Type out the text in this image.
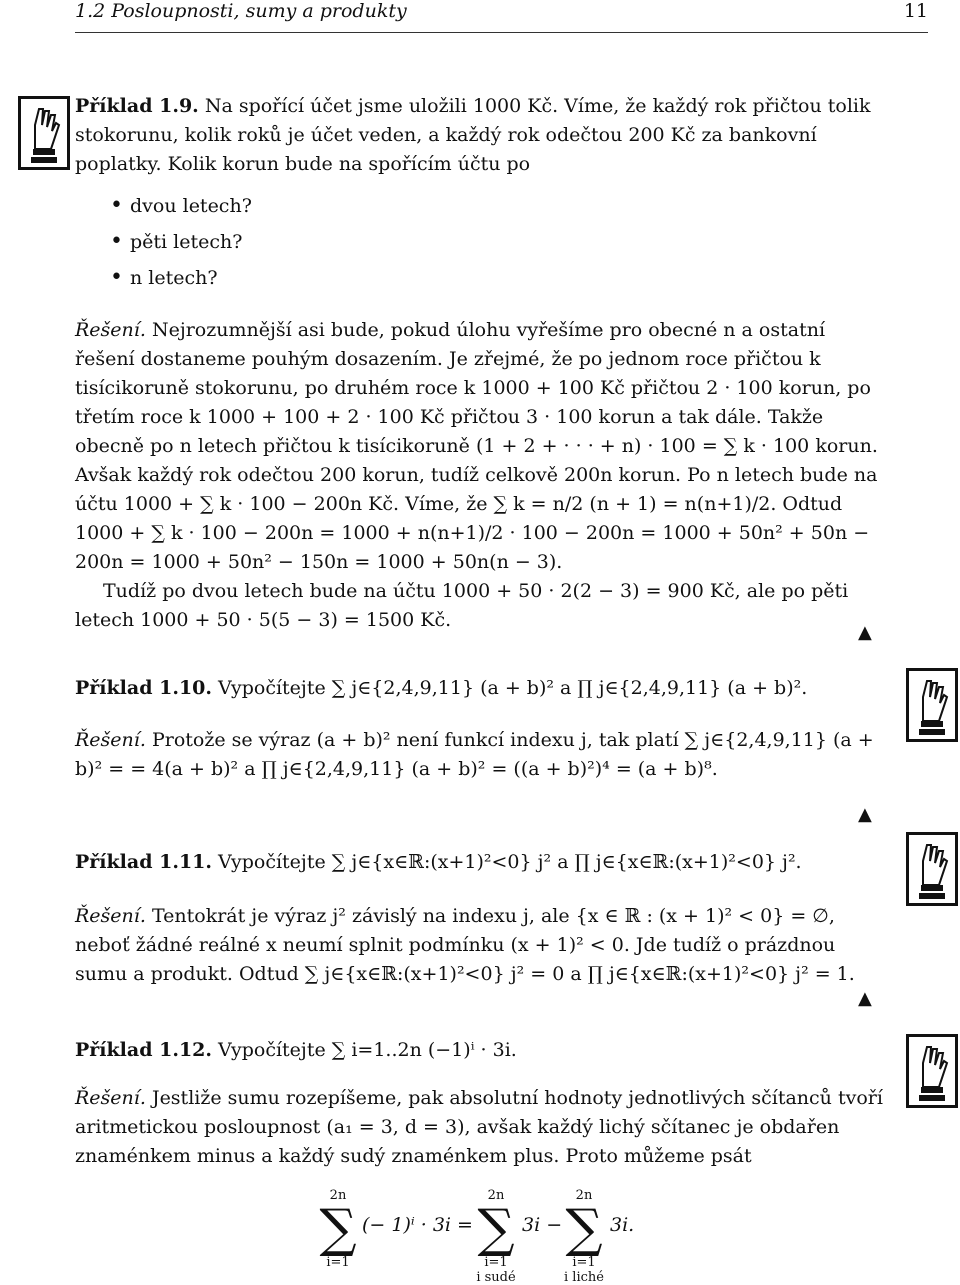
1.2 Posloupnosti, sumy a produkty	11

Příklad 1.9. Na spořící účet jsme uložili 1000 Kč. Víme, že každý rok přičtou tolik stokorunu, kolik roků je účet veden, a každý rok odečtou 200 Kč za bankovní poplatky. Kolik korun bude na spořícím účtu po

• dvou letech?
• pěti letech?
• n letech?

Řešení. Nejrozumnější asi bude, pokud úlohu vyřešíme pro obecné n a ostatní řešení dostaneme pouhým dosazením. Je zřejmé, že po jednom roce přičtou k tisícikoruně stokorunu, po druhém roce k 1000 + 100 Kč přičtou 2 · 100 korun, po třetím roce k 1000 + 100 + 2 · 100 Kč přičtou 3 · 100 korun a tak dále. Takže obecně po n letech přičtou k tisícikoruně (1 + 2 + · · · + n) · 100 = ∑ k · 100 korun. Avšak každý rok odečtou 200 korun, tudíž celkově 200n korun. Po n letech bude na účtu 1000 + ∑ k · 100 − 200n Kč. Víme, že ∑ k = n/2 (n + 1) = n(n+1)/2. Odtud 1000 + ∑ k · 100 − 200n = 1000 + n(n+1)/2 · 100 − 200n = 1000 + 50n² + 50n − 200n = 1000 + 50n² − 150n = 1000 + 50n(n − 3).

Tudíž po dvou letech bude na účtu 1000 + 50 · 2(2 − 3) = 900 Kč, ale po pěti letech 1000 + 50 · 5(5 − 3) = 1500 Kč.

▲

Příklad 1.10. Vypočítejte ∑ j∈{2,4,9,11} (a + b)² a ∏ j∈{2,4,9,11} (a + b)².

Řešení. Protože se výraz (a + b)² není funkcí indexu j, tak platí ∑ j∈{2,4,9,11} (a + b)² = = 4(a + b)² a ∏ j∈{2,4,9,11} (a + b)² = ((a + b)²)⁴ = (a + b)⁸.

▲

Příklad 1.11. Vypočítejte ∑ j∈{x∈ℝ:(x+1)²<0} j² a ∏ j∈{x∈ℝ:(x+1)²<0} j².

Řešení. Tentokrát je výraz j² závislý na indexu j, ale {x ∈ ℝ : (x + 1)² < 0} = ∅, neboť žádné reálné x neumí splnit podmínku (x + 1)² < 0. Jde tudíž o prázdnou sumu a produkt. Odtud ∑ j∈{x∈ℝ:(x+1)²<0} j² = 0 a ∏ j∈{x∈ℝ:(x+1)²<0} j² = 1.

▲

Příklad 1.12. Vypočítejte ∑ i=1..2n (−1)ⁱ · 3i.

Řešení. Jestliže sumu rozepíšeme, pak absolutní hodnoty jednotlivých sčítanců tvoří aritmetickou posloupnost (a₁ = 3, d = 3), avšak každý lichý sčítanec je obdařen znaménkem minus a každý sudý znaménkem plus. Proto můžeme psát

2n
∑
i=1
(− 1)ⁱ · 3i =
2n
∑
i=1
i sudé
3i −
2n
∑
i=1
i liché
3i.
